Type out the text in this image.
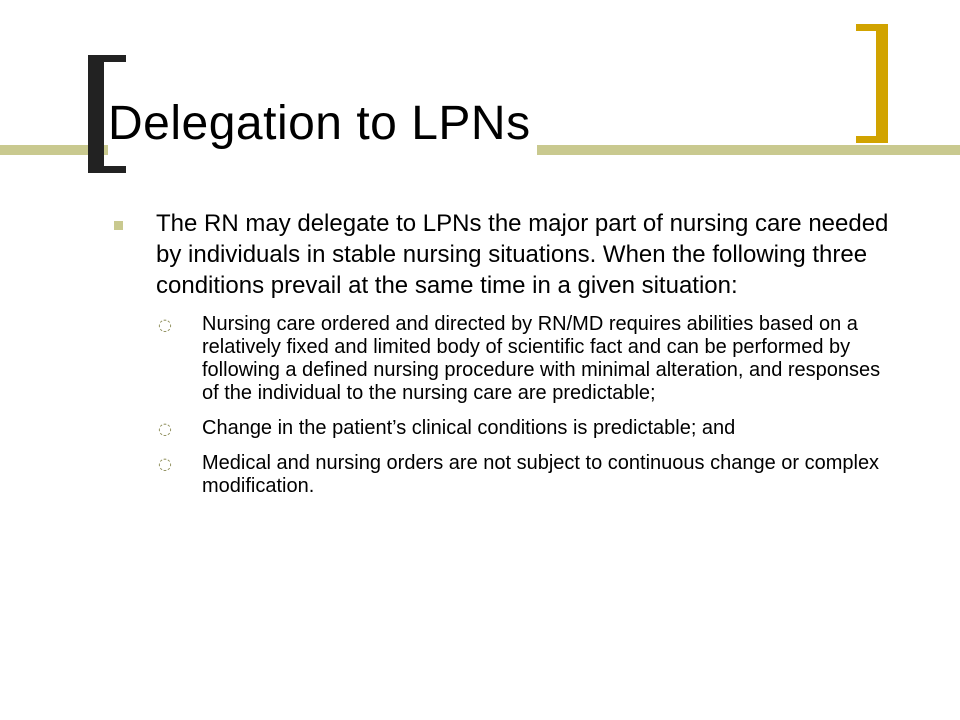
Delegation to LPNs
The RN may delegate to LPNs the major part of nursing care needed by individuals in stable nursing situations. When the following three conditions prevail at the same time in a given situation:
◌ Nursing care ordered and directed by RN/MD requires abilities based on a relatively fixed and limited body of scientific fact and can be performed by following a defined nursing procedure with minimal alteration, and responses of the individual to the nursing care are predictable;
◌ Change in the patient’s clinical conditions is predictable; and
◌ Medical and nursing orders are not subject to continuous change or complex modification.
